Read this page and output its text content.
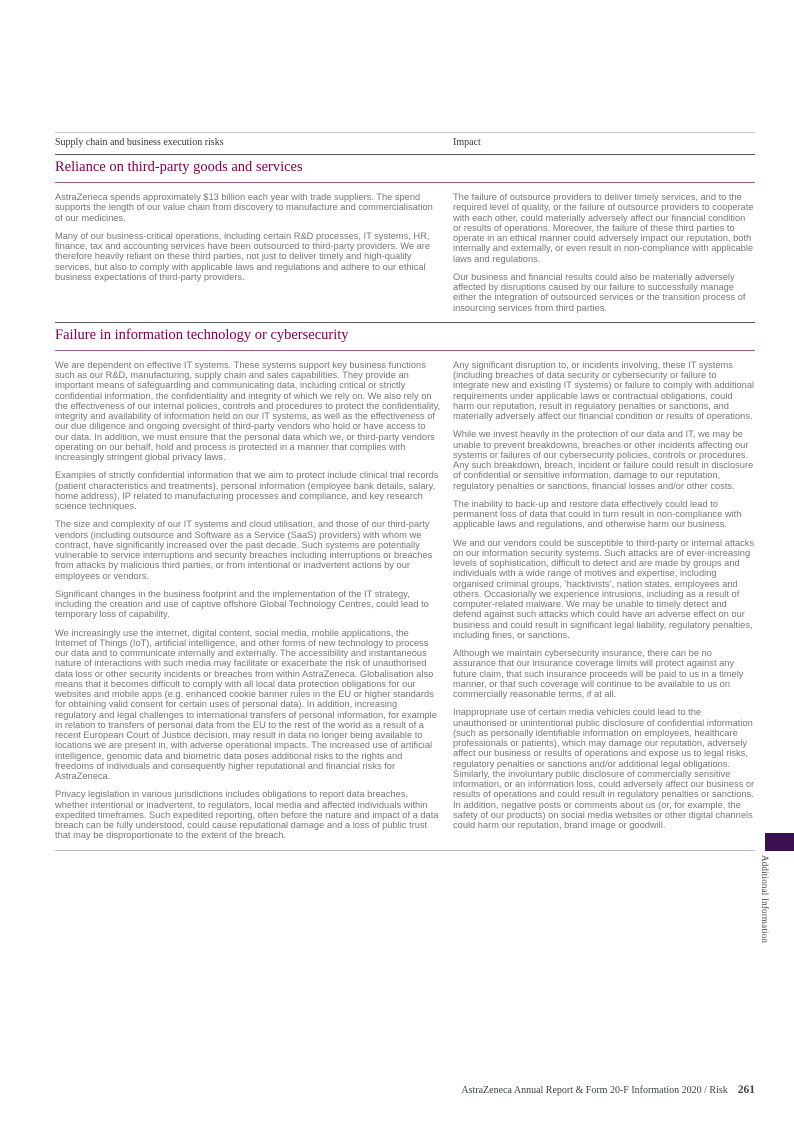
Supply chain and business execution risks	Impact
Reliance on third-party goods and services

AstraZeneca spends approximately $13 billion each year with trade suppliers. The spend supports the length of our value chain from discovery to manufacture and commercialisation of our medicines.

Many of our business-critical operations, including certain R&D processes, IT systems, HR, finance, tax and accounting services have been outsourced to third-party providers. We are therefore heavily reliant on these third parties, not just to deliver timely and high-quality services, but also to comply with applicable laws and regulations and adhere to our ethical business expectations of third-party providers.

The failure of outsource providers to deliver timely services, and to the required level of quality, or the failure of outsource providers to cooperate with each other, could materially adversely affect our financial condition or results of operations. Moreover, the failure of these third parties to operate in an ethical manner could adversely impact our reputation, both internally and externally, or even result in non-compliance with applicable laws and regulations.

Our business and financial results could also be materially adversely affected by disruptions caused by our failure to successfully manage either the integration of outsourced services or the transition process of insourcing services from third parties.

Failure in information technology or cybersecurity

We are dependent on effective IT systems. These systems support key business functions such as our R&D, manufacturing, supply chain and sales capabilities. They provide an important means of safeguarding and communicating data, including critical or strictly confidential information, the confidentiality and integrity of which we rely on. We also rely on the effectiveness of our internal policies, controls and procedures to protect the confidentiality, integrity and availability of information held on our IT systems, as well as the effectiveness of our due diligence and ongoing oversight of third-party vendors who hold or have access to our data. In addition, we must ensure that the personal data which we, or third-party vendors operating on our behalf, hold and process is protected in a manner that complies with increasingly stringent global privacy laws.

Examples of strictly confidential information that we aim to protect include clinical trial records (patient characteristics and treatments), personal information (employee bank details, salary, home address), IP related to manufacturing processes and compliance, and key research science techniques.

The size and complexity of our IT systems and cloud utilisation, and those of our third-party vendors (including outsource and Software as a Service (SaaS) providers) with whom we contract, have significantly increased over the past decade. Such systems are potentially vulnerable to service interruptions and security breaches including interruptions or breaches from attacks by malicious third parties, or from intentional or inadvertent actions by our employees or vendors.

Significant changes in the business footprint and the implementation of the IT strategy, including the creation and use of captive offshore Global Technology Centres, could lead to temporary loss of capability.

We increasingly use the internet, digital content, social media, mobile applications, the Internet of Things (IoT), artificial intelligence, and other forms of new technology to process our data and to communicate internally and externally. The accessibility and instantaneous nature of interactions with such media may facilitate or exacerbate the risk of unauthorised data loss or other security incidents or breaches from within AstraZeneca. Globalisation also means that it becomes difficult to comply with all local data protection obligations for our websites and mobile apps (e.g. enhanced cookie banner rules in the EU or higher standards for obtaining valid consent for certain uses of personal data). In addition, increasing regulatory and legal challenges to international transfers of personal information, for example in relation to transfers of personal data from the EU to the rest of the world as a result of a recent European Court of Justice decision, may result in data no longer being available to locations we are present in, with adverse operational impacts. The increased use of artificial intelligence, genomic data and biometric data poses additional risks to the rights and freedoms of individuals and consequently higher reputational and financial risks for AstraZeneca.

Privacy legislation in various jurisdictions includes obligations to report data breaches, whether intentional or inadvertent, to regulators, local media and affected individuals within expedited timeframes. Such expedited reporting, often before the nature and impact of a data breach can be fully understood, could cause reputational damage and a loss of public trust that may be disproportionate to the extent of the breach.

Any significant disruption to, or incidents involving, these IT systems (including breaches of data security or cybersecurity or failure to integrate new and existing IT systems) or failure to comply with additional requirements under applicable laws or contractual obligations, could harm our reputation, result in regulatory penalties or sanctions, and materially adversely affect our financial condition or results of operations.

While we invest heavily in the protection of our data and IT, we may be unable to prevent breakdowns, breaches or other incidents affecting our systems or failures of our cybersecurity policies, controls or procedures. Any such breakdown, breach, incident or failure could result in disclosure of confidential or sensitive information, damage to our reputation, regulatory penalties or sanctions, financial losses and/or other costs.

The inability to back-up and restore data effectively could lead to permanent loss of data that could in turn result in non-compliance with applicable laws and regulations, and otherwise harm our business.

We and our vendors could be susceptible to third-party or internal attacks on our information security systems. Such attacks are of ever-increasing levels of sophistication, difficult to detect and are made by groups and individuals with a wide range of motives and expertise, including organised criminal groups, ‘hacktivists’, nation states, employees and others. Occasionally we experience intrusions, including as a result of computer-related malware. We may be unable to timely detect and defend against such attacks which could have an adverse effect on our business and could result in significant legal liability, regulatory penalties, including fines, or sanctions.

Although we maintain cybersecurity insurance, there can be no assurance that our insurance coverage limits will protect against any future claim, that such insurance proceeds will be paid to us in a timely manner, or that such coverage will continue to be available to us on commercially reasonable terms, if at all.

Inappropriate use of certain media vehicles could lead to the unauthorised or unintentional public disclosure of confidential information (such as personally identifiable information on employees, healthcare professionals or patients), which may damage our reputation, adversely affect our business or results of operations and expose us to legal risks, regulatory penalties or sanctions and/or additional legal obligations. Similarly, the involuntary public disclosure of commercially sensitive information, or an information loss, could adversely affect our business or results of operations and could result in regulatory penalties or sanctions. In addition, negative posts or comments about us (or, for example, the safety of our products) on social media websites or other digital channels could harm our reputation, brand image or goodwill.

Additional Information
AstraZeneca Annual Report & Form 20-F Information 2020 / Risk 261
